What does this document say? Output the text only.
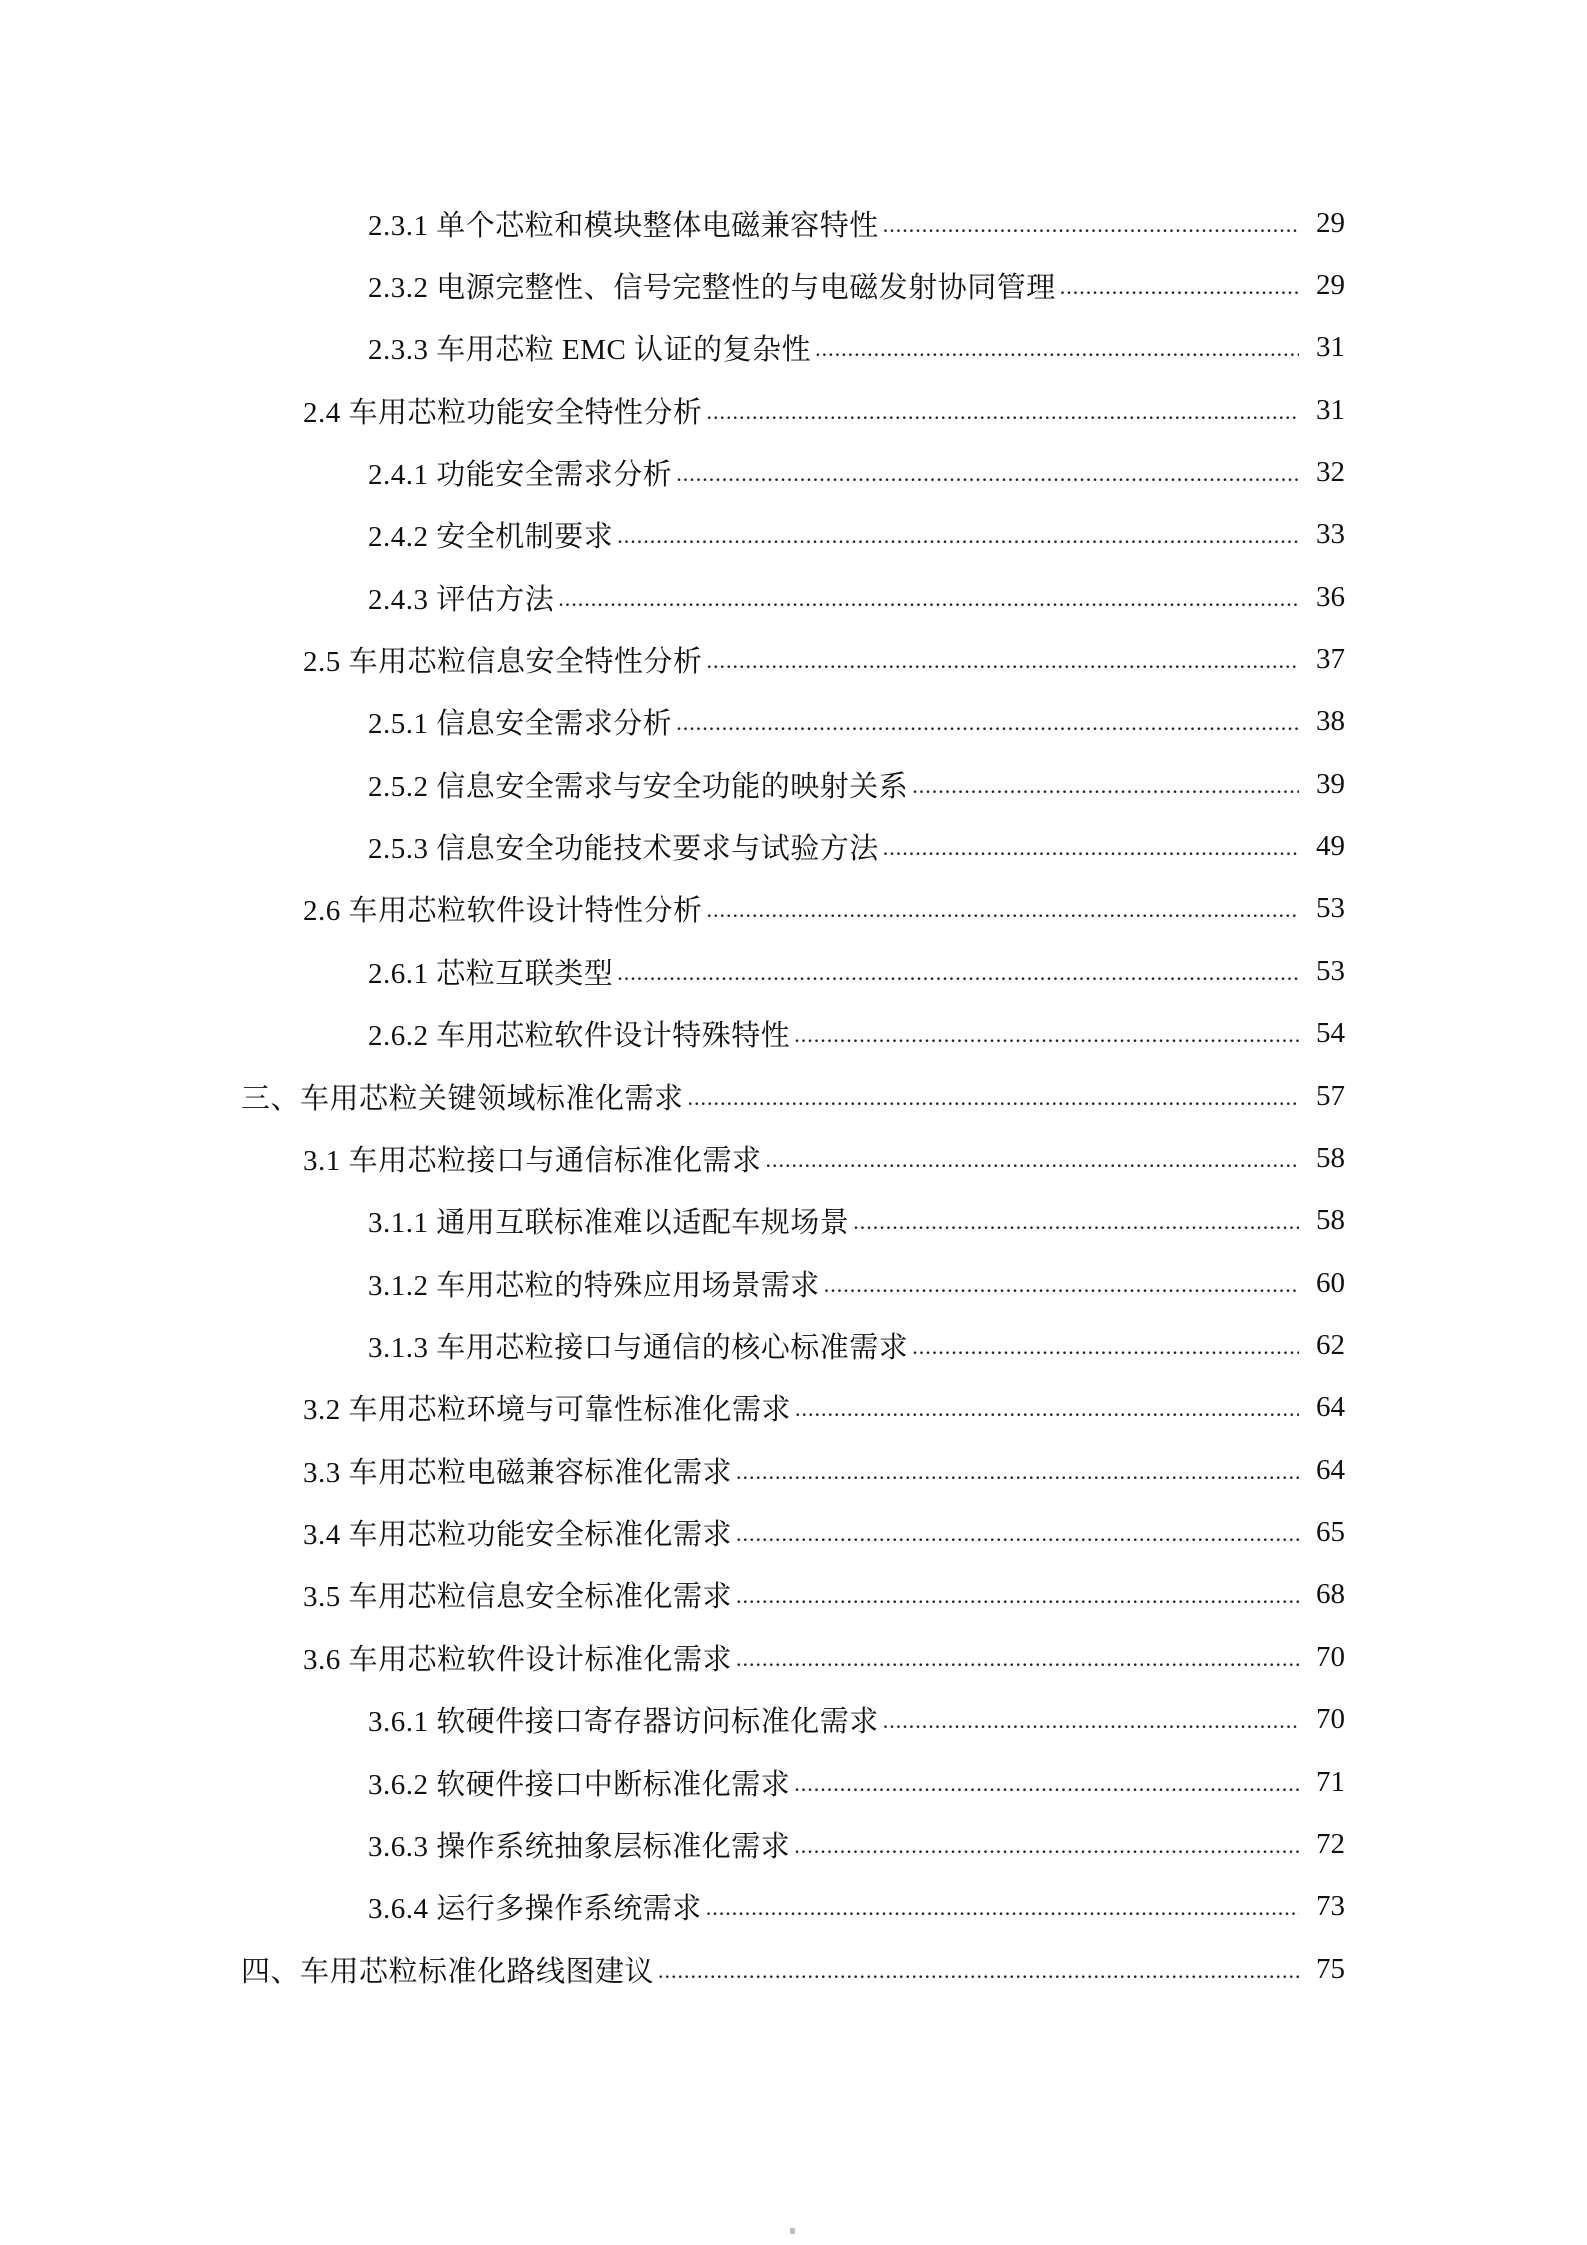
2.3.1 单个芯粒和模块整体电磁兼容特性 .....	29
2.3.2 电源完整性、信号完整性的与电磁发射协同管理 .....	29
2.3.3 车用芯粒 EMC 认证的复杂性 .....	31
2.4 车用芯粒功能安全特性分析 .....	31
2.4.1 功能安全需求分析 .....	32
2.4.2 安全机制要求 .....	33
2.4.3 评估方法 .....	36
2.5 车用芯粒信息安全特性分析 .....	37
2.5.1 信息安全需求分析 .....	38
2.5.2 信息安全需求与安全功能的映射关系 .....	39
2.5.3 信息安全功能技术要求与试验方法 .....	49
2.6 车用芯粒软件设计特性分析 .....	53
2.6.1 芯粒互联类型 .....	53
2.6.2 车用芯粒软件设计特殊特性 .....	54
三、车用芯粒关键领域标准化需求 .....	57
3.1 车用芯粒接口与通信标准化需求 .....	58
3.1.1 通用互联标准难以适配车规场景 .....	58
3.1.2 车用芯粒的特殊应用场景需求 .....	60
3.1.3 车用芯粒接口与通信的核心标准需求 .....	62
3.2 车用芯粒环境与可靠性标准化需求 .....	64
3.3 车用芯粒电磁兼容标准化需求 .....	64
3.4 车用芯粒功能安全标准化需求 .....	65
3.5 车用芯粒信息安全标准化需求 .....	68
3.6 车用芯粒软件设计标准化需求 .....	70
3.6.1 软硬件接口寄存器访问标准化需求 .....	70
3.6.2 软硬件接口中断标准化需求 .....	71
3.6.3 操作系统抽象层标准化需求 .....	72
3.6.4 运行多操作系统需求 .....	73
四、车用芯粒标准化路线图建议 .....	75
